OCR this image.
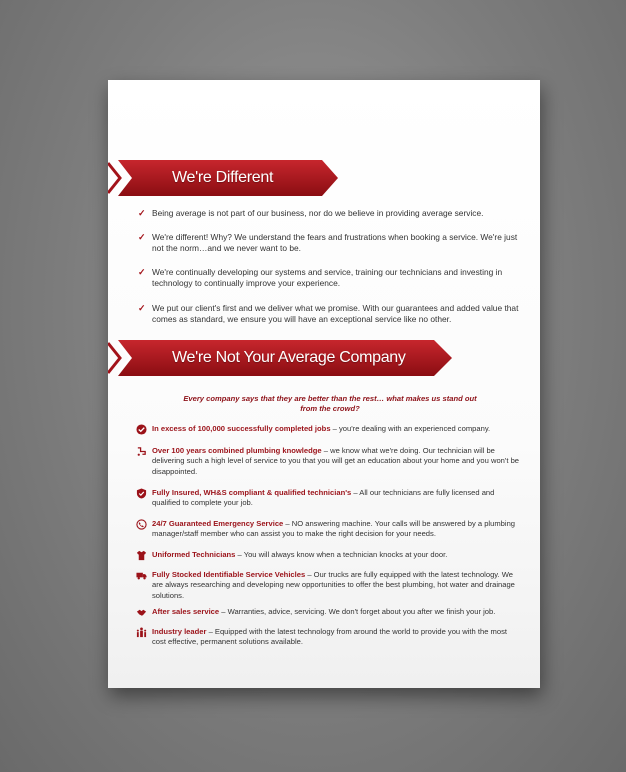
We're Different
✓ Being average is not part of our business, nor do we believe in providing average service.
✓ We're different! Why? We understand the fears and frustrations when booking a service. We're just not the norm…and we never want to be.
✓ We're continually developing our systems and service, training our technicians and investing in technology to continually improve your experience.
✓ We put our client's first and we deliver what we promise. With our guarantees and added value that comes as standard, we ensure you will have an exceptional service like no other.
We're Not Your Average Company
Every company says that they are better than the rest… what makes us stand out from the crowd?
In excess of 100,000 successfully completed jobs – you're dealing with an experienced company.
Over 100 years combined plumbing knowledge – we know what we're doing. Our technician will be delivering such a high level of service to you that you will get an education about your home and you won't be disappointed.
Fully Insured, WH&S compliant & qualified technician's – All our technicians are fully licensed and qualified to complete your job.
24/7 Guaranteed Emergency Service – NO answering machine. Your calls will be answered by a plumbing manager/staff member who can assist you to make the right decision for your needs.
Uniformed Technicians – You will always know when a technician knocks at your door.
Fully Stocked Identifiable Service Vehicles – Our trucks are fully equipped with the latest technology. We are always researching and developing new opportunities to offer the best plumbing, hot water and drainage solutions.
After sales service – Warranties, advice, servicing. We don't forget about you after we finish your job.
Industry leader – Equipped with the latest technology from around the world to provide you with the most cost effective, permanent solutions available.
